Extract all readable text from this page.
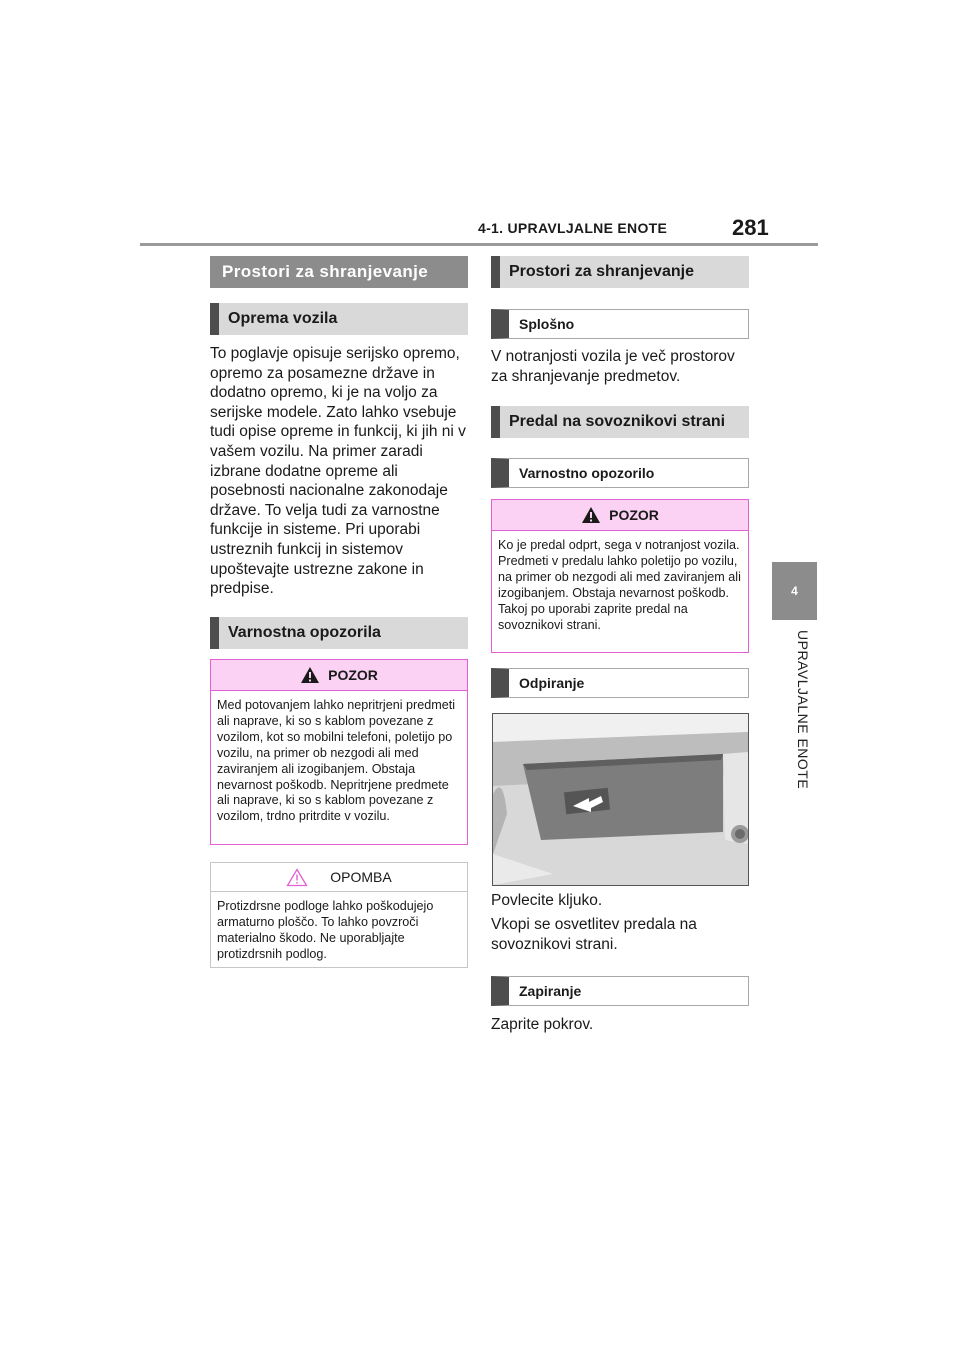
4-1. UPRAVLJALNE ENOTE	281
4
UPRAVLJALNE ENOTE
Prostori za shranjevanje
Oprema vozila
To poglavje opisuje serijsko opremo, opremo za posamezne države in dodatno opremo, ki je na voljo za serijske modele. Zato lahko vsebuje tudi opise opreme in funkcij, ki jih ni v vašem vozilu. Na primer zaradi izbrane dodatne opreme ali posebnosti nacionalne zakonodaje države. To velja tudi za varnostne funkcije in sisteme. Pri uporabi ustreznih funkcij in sistemov upoštevajte ustrezne zakone in predpise.
Varnostna opozorila
POZOR
Med potovanjem lahko nepritrjeni predmeti ali naprave, ki so s kablom povezane z vozilom, kot so mobilni telefoni, poletijo po vozilu, na primer ob nezgodi ali med zaviranjem ali izogibanjem. Obstaja nevarnost poškodb. Nepritrjene predmete ali naprave, ki so s kablom povezane z vozilom, trdno pritrdite v vozilu.
OPOMBA
Protizdrsne podloge lahko poškodujejo armaturno ploščo. To lahko povzroči materialno škodo. Ne uporabljajte protizdrsnih podlog.
Prostori za shranjevanje
Splošno
V notranjosti vozila je več prostorov za shranjevanje predmetov.
Predal na sovoznikovi strani
Varnostno opozorilo
POZOR
Ko je predal odprt, sega v notranjost vozila. Predmeti v predalu lahko poletijo po vozilu, na primer ob nezgodi ali med zaviranjem ali izogibanjem. Obstaja nevarnost poškodb. Takoj po uporabi zaprite predal na sovoznikovi strani.
Odpiranje
Povlecite kljuko.
Vkopi se osvetlitev predala na sovoznikovi strani.
Zapiranje
Zaprite pokrov.
